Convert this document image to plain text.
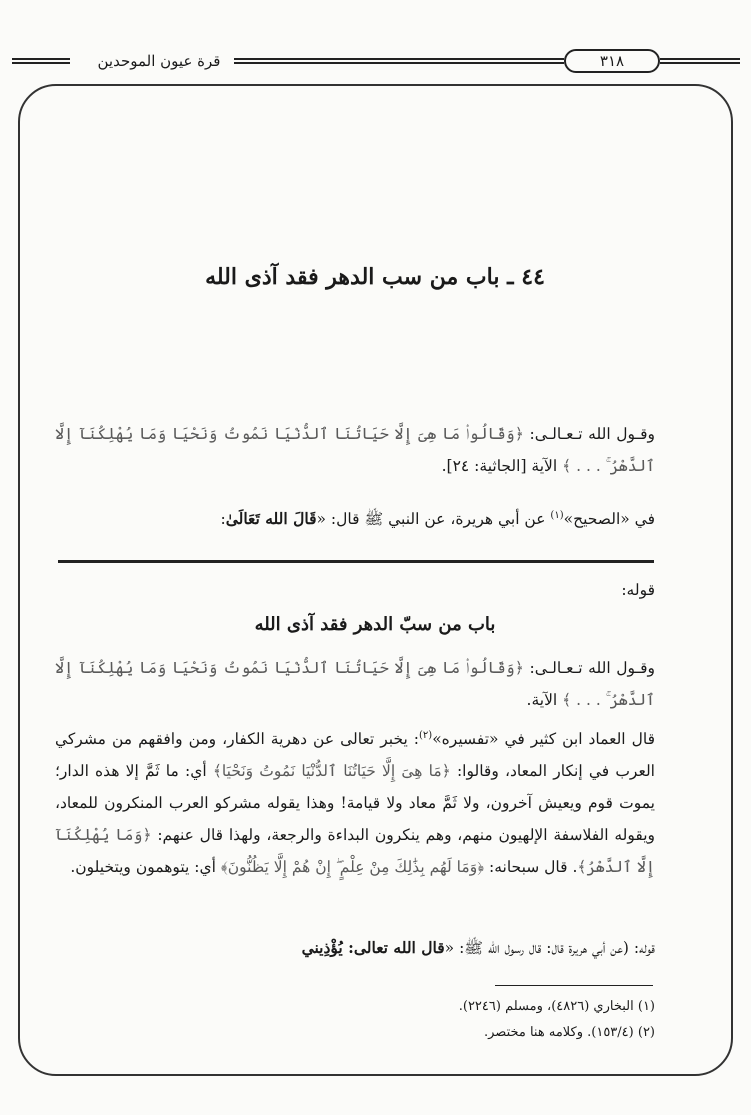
قرة عيون الموحدين	٣١٨
٤٤ ـ باب من سب الدهر فقد آذى الله
وقـول الله تـعـالـى: ﴿وَقَالُوا۟ مَا هِىَ إِلَّا حَيَاتُنَا ٱلدُّنْيَا نَمُوتُ وَنَحْيَا وَمَا يُهْلِكُنَآ إِلَّا ٱلدَّهْرُ ۚ . . . ﴾ الآية [الجاثية: ٢٤].
في «الصحيح»$^{(١)}$ عن أبي هريرة، عن النبي ﷺ قال: «قَالَ الله تَعَالَىٰ:
قوله:
باب من سبّ الدهر فقد آذى الله
وقـول الله تـعـالـى: ﴿وَقَالُوا۟ مَا هِىَ إِلَّا حَيَاتُنَا ٱلدُّنْيَا نَمُوتُ وَنَحْيَا وَمَا يُهْلِكُنَآ إِلَّا ٱلدَّهْرُ ۚ . . . ﴾ الآية.
قال العماد ابن كثير في «تفسيره»$^{(٢)}$: يخبر تعالى عن دهرية الكفار، ومن وافقهم من مشركي العرب في إنكار المعاد، وقالوا: ﴿مَا هِىَ إِلَّا حَيَاتُنَا ٱلدُّنْيَا نَمُوتُ وَنَحْيَا﴾ أي: ما ثَمَّ إلا هذه الدار؛ يموت قوم ويعيش آخرون، ولا ثَمَّ معاد ولا قيامة! وهذا يقوله مشركو العرب المنكرون للمعاد، ويقوله الفلاسفة الإلهيون منهم، وهم ينكرون البداءة والرجعة، ولهذا قال عنهم: ﴿وَمَا يُهْلِكُنَآ إِلَّا ٱلدَّهْرُ﴾. قال سبحانه: ﴿وَمَا لَهُم بِذَٰلِكَ مِنْ عِلْمٍ ۖ إِنْ هُمْ إِلَّا يَظُنُّونَ﴾ أي: يتوهمون ويتخيلون.
قوله: (عن أبي هريرة قال: قال رسول الله ﷺ: «قال الله تعالى: يُؤْذِيني
(١) البخاري (٤٨٢٦)، ومسلم (٢٢٤٦).
(٢) (١٥٣/٤). وكلامه هنا مختصر.
